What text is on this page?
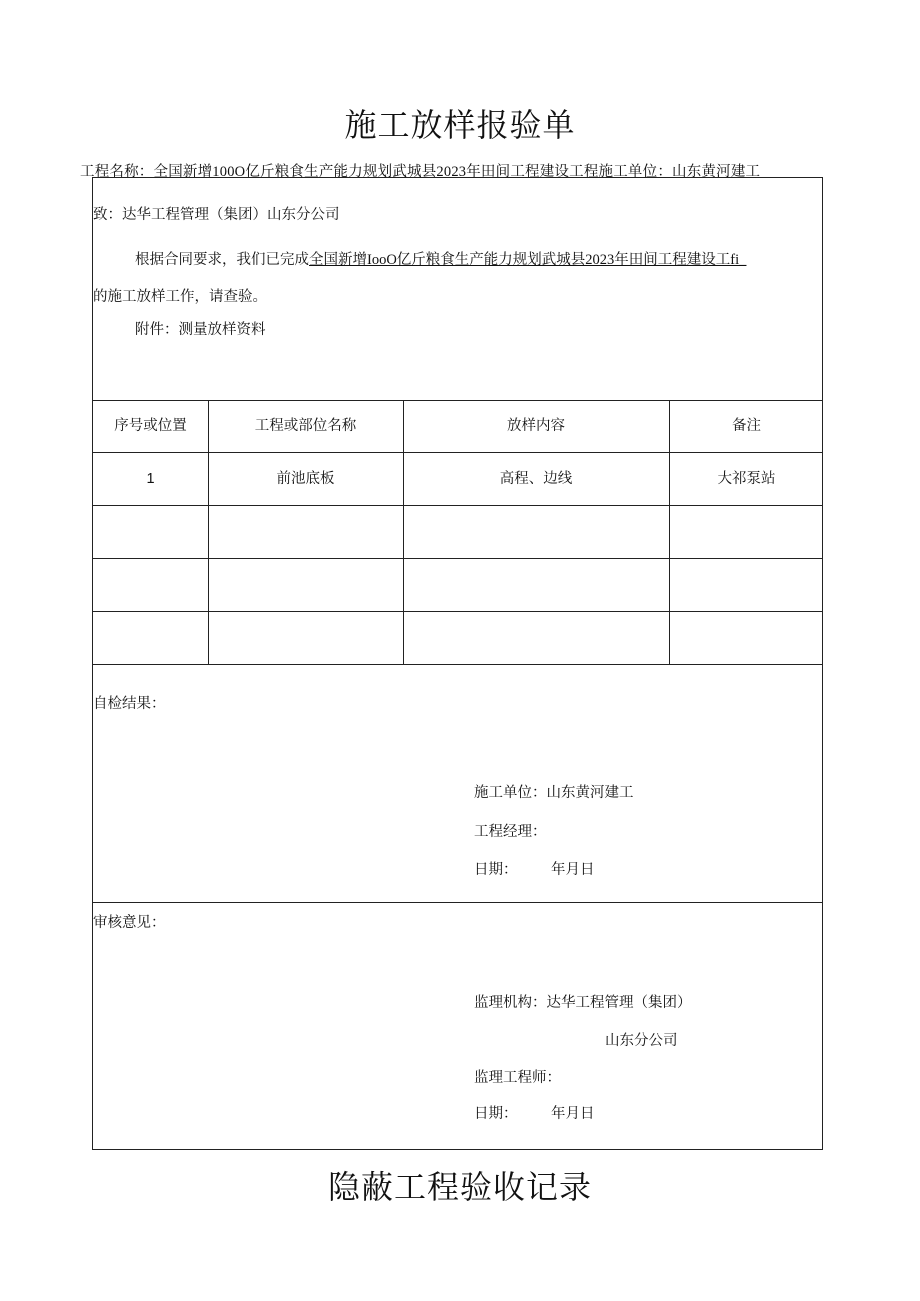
施工放样报验单
工程名称：全国新增100O亿斤粮食生产能力规划武城县2023年田间工程建设工程施工单位：山东黄河建工
致：达华工程管理（集团）山东分公司
根据合同要求，我们已完成全国新增IooO亿斤粮食生产能力规划武城县2023年田间工程建设工fi_
的施工放样工作，请查验。
附件：测量放样资料
序号或位置	工程或部位名称	放样内容	备注
1	前池底板	高程、边线	大祁泵站
自检结果：
施工单位：山东黄河建工
工程经理：
日期： 年月日
审核意见：
监理机构：达华工程管理（集团）
山东分公司
监理工程师：
日期： 年月日
隐蔽工程验收记录
